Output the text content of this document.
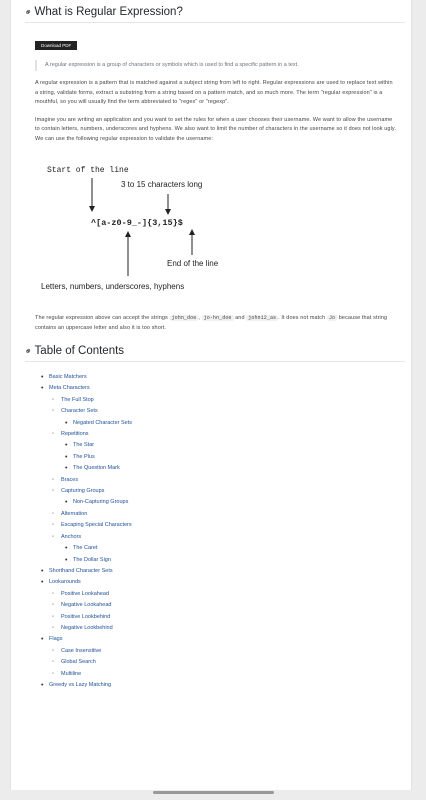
⚭ What is Regular Expression?
Download PDF
A regular expression is a group of characters or symbols which is used to find a specific pattern in a text.

A regular expression is a pattern that is matched against a subject string from left to right. Regular expressions are used to replace text within a string, validate forms, extract a substring from a string based on a pattern match, and so much more. The term "regular expression" is a mouthful, so you will usually find the term abbreviated to "regex" or "regexp".

Imagine you are writing an application and you want to set the rules for when a user chooses their username. We want to allow the username to contain letters, numbers, underscores and hyphens. We also want to limit the number of characters in the username so it does not look ugly. We can use the following regular expression to validate the username:

Start of the line
3 to 15 characters long
^[a-z0-9_-]{3,15}$
End of the line
Letters, numbers, underscores, hyphens

The regular expression above can accept the strings john_doe , jo-hn_doe and john12_as . It does not match Jo because that string contains an uppercase letter and also it is too short.

⚭ Table of Contents
• Basic Matchers
• Meta Characters
◦ The Full Stop
◦ Character Sets
• Negated Character Sets
◦ Repetitions
• The Star
• The Plus
• The Question Mark
◦ Braces
◦ Capturing Groups
• Non-Capturing Groups
◦ Alternation
◦ Escaping Special Characters
◦ Anchors
• The Caret
• The Dollar Sign
• Shorthand Character Sets
• Lookarounds
◦ Positive Lookahead
◦ Negative Lookahead
◦ Positive Lookbehind
◦ Negative Lookbehind
• Flags
◦ Case Insensitive
◦ Global Search
◦ Multiline
• Greedy vs Lazy Matching
